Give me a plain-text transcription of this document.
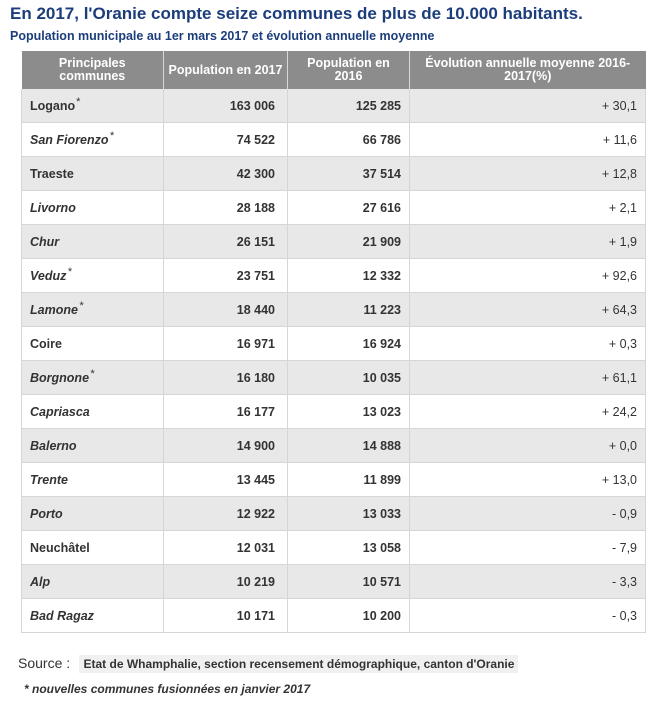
En 2017, l'Oranie compte seize communes de plus de 10.000 habitants.
Population municipale au 1er mars 2017 et évolution annuelle moyenne
Principales communes	Population en 2017	Population en 2016	Évolution annuelle moyenne 2016-2017(%)
Logano*	163 006	125 285	+ 30,1
San Fiorenzo*	74 522	66 786	+ 11,6
Traeste	42 300	37 514	+ 12,8
Livorno	28 188	27 616	+ 2,1
Chur	26 151	21 909	+ 1,9
Veduz*	23 751	12 332	+ 92,6
Lamone*	18 440	11 223	+ 64,3
Coire	16 971	16 924	+ 0,3
Borgnone*	16 180	10 035	+ 61,1
Capriasca	16 177	13 023	+ 24,2
Balerno	14 900	14 888	+ 0,0
Trente	13 445	11 899	+ 13,0
Porto	12 922	13 033	- 0,9
Neuchâtel	12 031	13 058	- 7,9
Alp	10 219	10 571	- 3,3
Bad Ragaz	10 171	10 200	- 0,3
Source : Etat de Whamphalie, section recensement démographique, canton d'Oranie
* nouvelles communes fusionnées en janvier 2017
